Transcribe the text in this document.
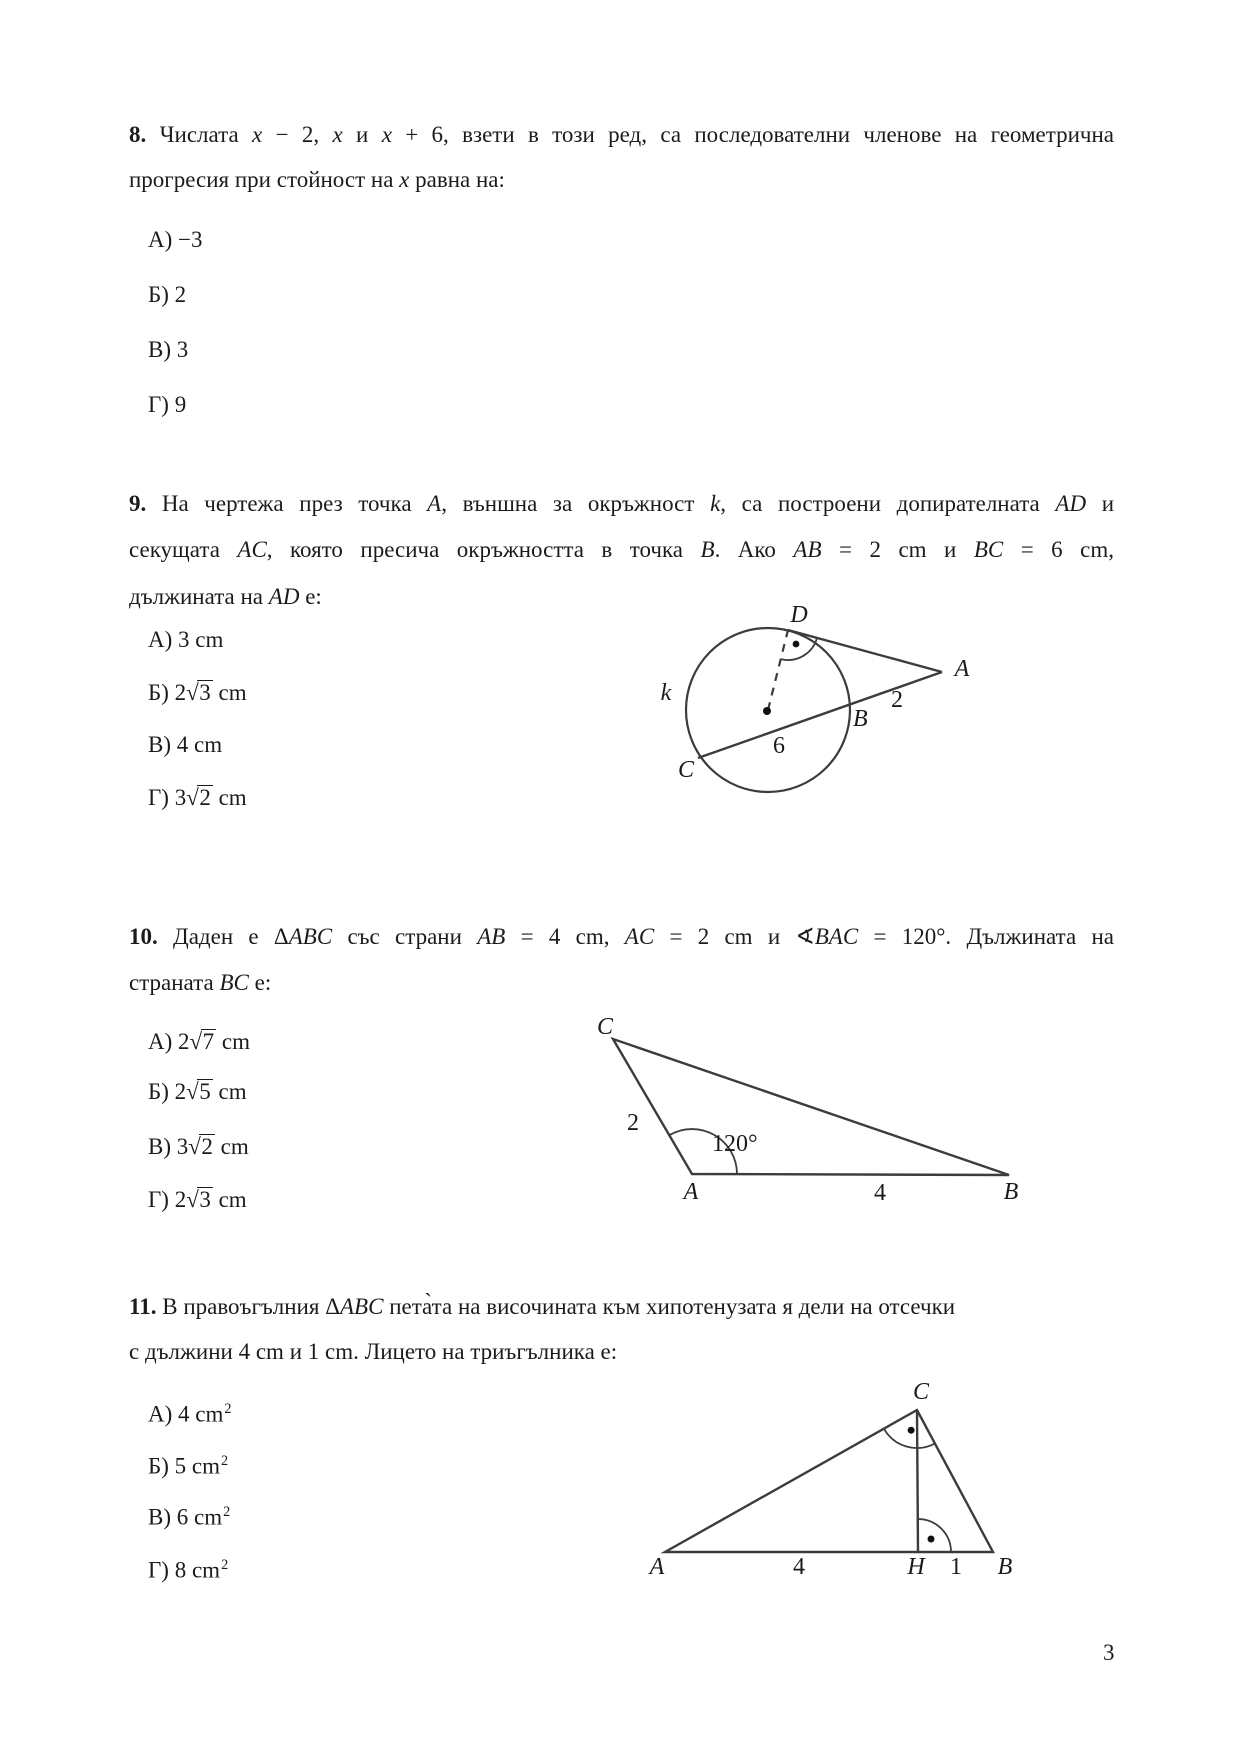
8. Числата x − 2, x и x + 6, взети в този ред, са последователни членове на геометрична
прогресия при стойност на x равна на:
А) −3
Б) 2
В) 3
Г) 9
9. На чертежа през точка A, външна за окръжност k, са построени допирателната AD и
секущата AC, която пресича окръжността в точка B. Ако AB = 2 cm и BC = 6 cm,
дължината на AD е:
А) 3 cm
Б) 2√3 cm
В) 4 cm
Г) 3√2 cm
D
k
A
B
C
2
6
10. Даден е ΔABC със страни AB = 4 cm, AC = 2 cm и ∢BAC = 120°. Дължината на
страната BC е:
А) 2√7 cm
Б) 2√5 cm
В) 3√2 cm
Г) 2√3 cm
C
A	B
2
4
120°
11. В правоъгълния ΔABC пета̀та на височината към хипотенузата я дели на отсечки
с дължини 4 cm и 1 cm. Лицето на триъгълника е:
А) 4 $cm^2$
Б) 5 $cm^2$
В) 6 $cm^2$
Г) 8 $cm^2$
C
A	B
H
4	1
3
